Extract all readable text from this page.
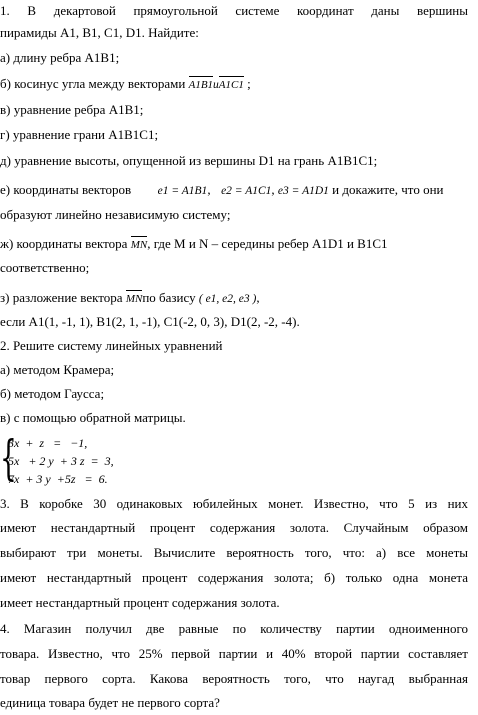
1. В декартовой прямоугольной системе координат даны вершины
пирамиды A1, B1, C1, D1. Найдите:
а) длину ребра A1B1;
б) косинус угла между векторами A1B1иA1C1 ;
в) уравнение ребра A1B1;
г) уравнение грани A1B1C1;
д) уравнение высоты, опущенной из вершины D1 на грань A1B1C1;
е) координаты векторов e1 = A1B1,  e2 = A1C1, e3 = A1D1 и докажите, что они
образуют линейно независимую систему;
ж) координаты вектора MN, где M и N – середины ребер A1D1 и B1C1
соответственно;
з) разложение вектора MNпо базису ( e1, e2, e3 ),
если A1(1, -1, 1), B1(2, 1, -1), C1(-2, 0, 3), D1(2, -2, -4).
2. Решите систему линейных уравнений
а) методом Крамера;
б) методом Гаусса;
в) с помощью обратной матрицы.
{
3x  +  z   =   −1,
5x   + 2 y  + 3 z  =  3,
7x  + 3 y  +5z   =  6.
3. В коробке 30 одинаковых юбилейных монет. Известно, что 5 из них
имеют нестандартный процент содержания золота. Случайным образом
выбирают три монеты. Вычислите вероятность того, что: а) все монеты
имеют нестандартный процент содержания золота; б) только одна монета
имеет нестандартный процент содержания золота.
4. Магазин получил две равные по количеству партии одноименного
товара. Известно, что 25% первой партии и 40% второй партии составляет
товар первого сорта. Какова вероятность того, что наугад выбранная
единица товара будет не первого сорта?
